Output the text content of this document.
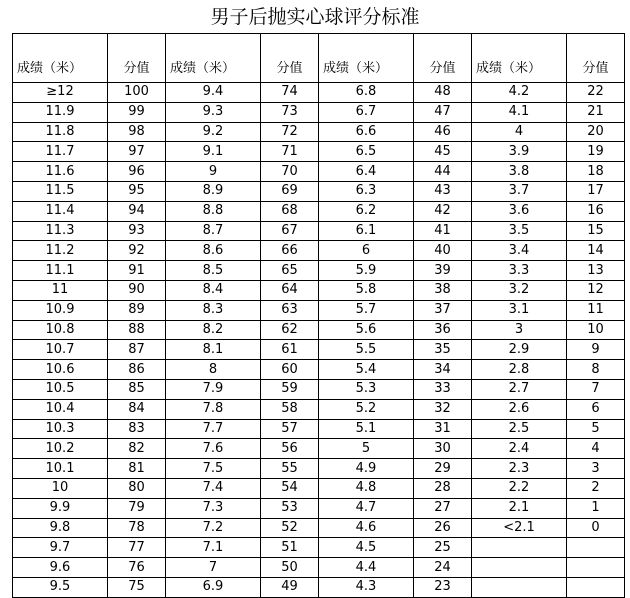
男子后抛实心球评分标准
成绩（米）	分值	成绩（米）	分值	成绩（米）	分值	成绩（米）	分值
≥12	100	9.4	74	6.8	48	4.2	22
11.9	99	9.3	73	6.7	47	4.1	21
11.8	98	9.2	72	6.6	46	4	20
11.7	97	9.1	71	6.5	45	3.9	19
11.6	96	9	70	6.4	44	3.8	18
11.5	95	8.9	69	6.3	43	3.7	17
11.4	94	8.8	68	6.2	42	3.6	16
11.3	93	8.7	67	6.1	41	3.5	15
11.2	92	8.6	66	6	40	3.4	14
11.1	91	8.5	65	5.9	39	3.3	13
11	90	8.4	64	5.8	38	3.2	12
10.9	89	8.3	63	5.7	37	3.1	11
10.8	88	8.2	62	5.6	36	3	10
10.7	87	8.1	61	5.5	35	2.9	9
10.6	86	8	60	5.4	34	2.8	8
10.5	85	7.9	59	5.3	33	2.7	7
10.4	84	7.8	58	5.2	32	2.6	6
10.3	83	7.7	57	5.1	31	2.5	5
10.2	82	7.6	56	5	30	2.4	4
10.1	81	7.5	55	4.9	29	2.3	3
10	80	7.4	54	4.8	28	2.2	2
9.9	79	7.3	53	4.7	27	2.1	1
9.8	78	7.2	52	4.6	26	<2.1	0
9.7	77	7.1	51	4.5	25		
9.6	76	7	50	4.4	24		
9.5	75	6.9	49	4.3	23		
